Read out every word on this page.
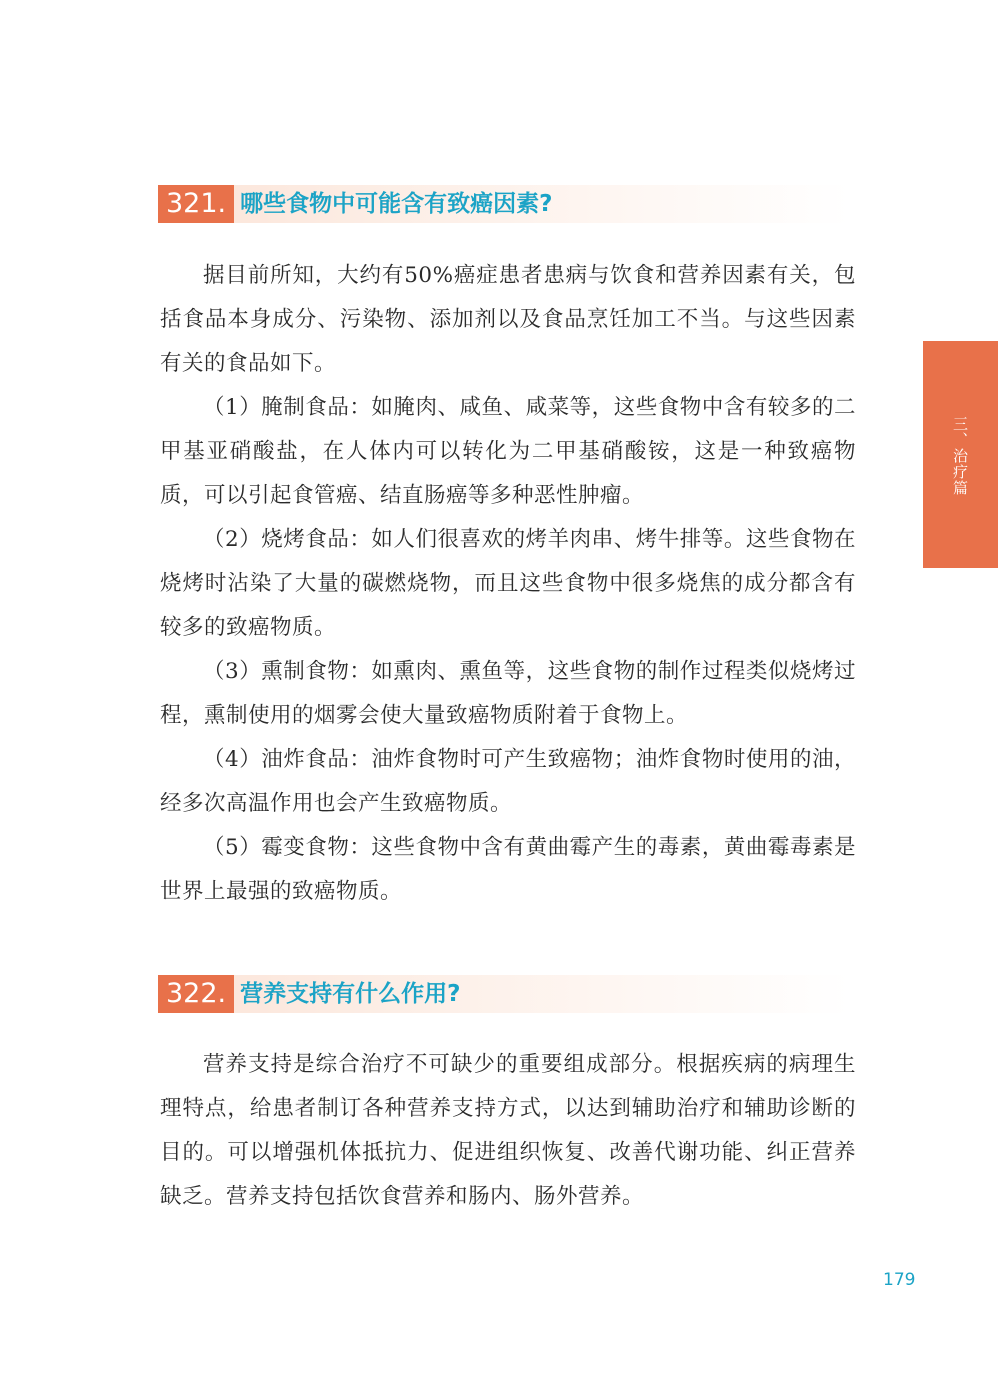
321. 哪些食物中可能含有致癌因素?

据目前所知，大约有50%癌症患者患病与饮食和营养因素有关，包括食品本身成分、污染物、添加剂以及食品烹饪加工不当。与这些因素有关的食品如下。

（1）腌制食品：如腌肉、咸鱼、咸菜等，这些食物中含有较多的二甲基亚硝酸盐，在人体内可以转化为二甲基硝酸铵，这是一种致癌物质，可以引起食管癌、结直肠癌等多种恶性肿瘤。

（2）烧烤食品：如人们很喜欢的烤羊肉串、烤牛排等。这些食物在烧烤时沾染了大量的碳燃烧物，而且这些食物中很多烧焦的成分都含有较多的致癌物质。

（3）熏制食物：如熏肉、熏鱼等，这些食物的制作过程类似烧烤过程，熏制使用的烟雾会使大量致癌物质附着于食物上。

（4）油炸食品：油炸食物时可产生致癌物；油炸食物时使用的油，经多次高温作用也会产生致癌物质。

（5）霉变食物：这些食物中含有黄曲霉产生的毒素，黄曲霉毒素是世界上最强的致癌物质。

322. 营养支持有什么作用?

营养支持是综合治疗不可缺少的重要组成部分。根据疾病的病理生理特点，给患者制订各种营养支持方式，以达到辅助治疗和辅助诊断的目的。可以增强机体抵抗力、促进组织恢复、改善代谢功能、纠正营养缺乏。营养支持包括饮食营养和肠内、肠外营养。

三、治疗篇
179
